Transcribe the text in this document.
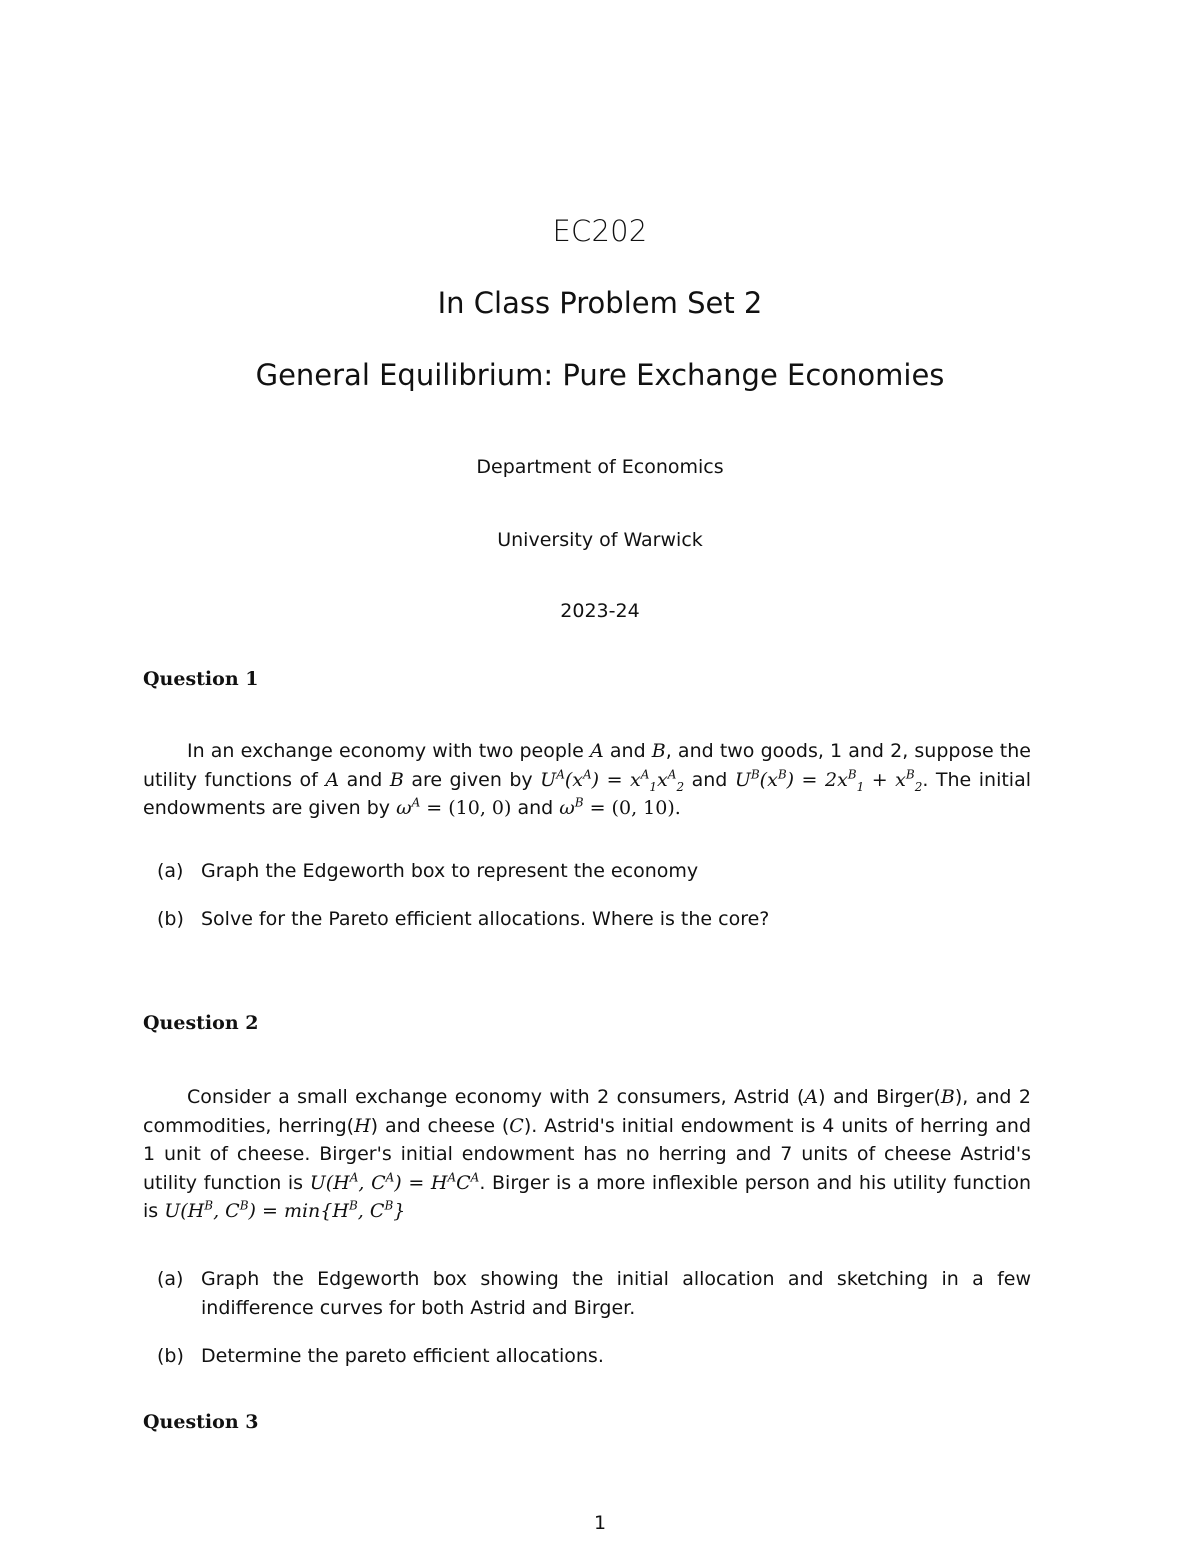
EC202
In Class Problem Set 2
General Equilibrium: Pure Exchange Economies
Department of Economics
University of Warwick
2023-24
Question 1
In an exchange economy with two people A and B, and two goods, 1 and 2, suppose the utility functions of A and B are given by $U^A(x^A) = x^A_1x^A_2$ and $U^B(x^B) = 2x^B_1 + x^B_2$. The initial endowments are given by $\omega^A = (10$, 0) and $\omega^B = (0$, 10).
(a) Graph the Edgeworth box to represent the economy
(b) Solve for the Pareto efficient allocations. Where is the core?
Question 2
Consider a small exchange economy with 2 consumers, Astrid (A) and Birger(B), and 2 commodities, herring(H) and cheese (C). Astrid's initial endowment is 4 units of herring and 1 unit of cheese. Birger's initial endowment has no herring and 7 units of cheese Astrid's utility function is $U(H^A$, $C^A) = H^AC^A$. Birger is a more inflexible person and his utility function is $U(H^B$, $C^B) = \min\{H^B$, $C^B$}
(a) Graph the Edgeworth box showing the initial allocation and sketching in a few indifference curves for both Astrid and Birger.
(b) Determine the pareto efficient allocations.
Question 3
1
